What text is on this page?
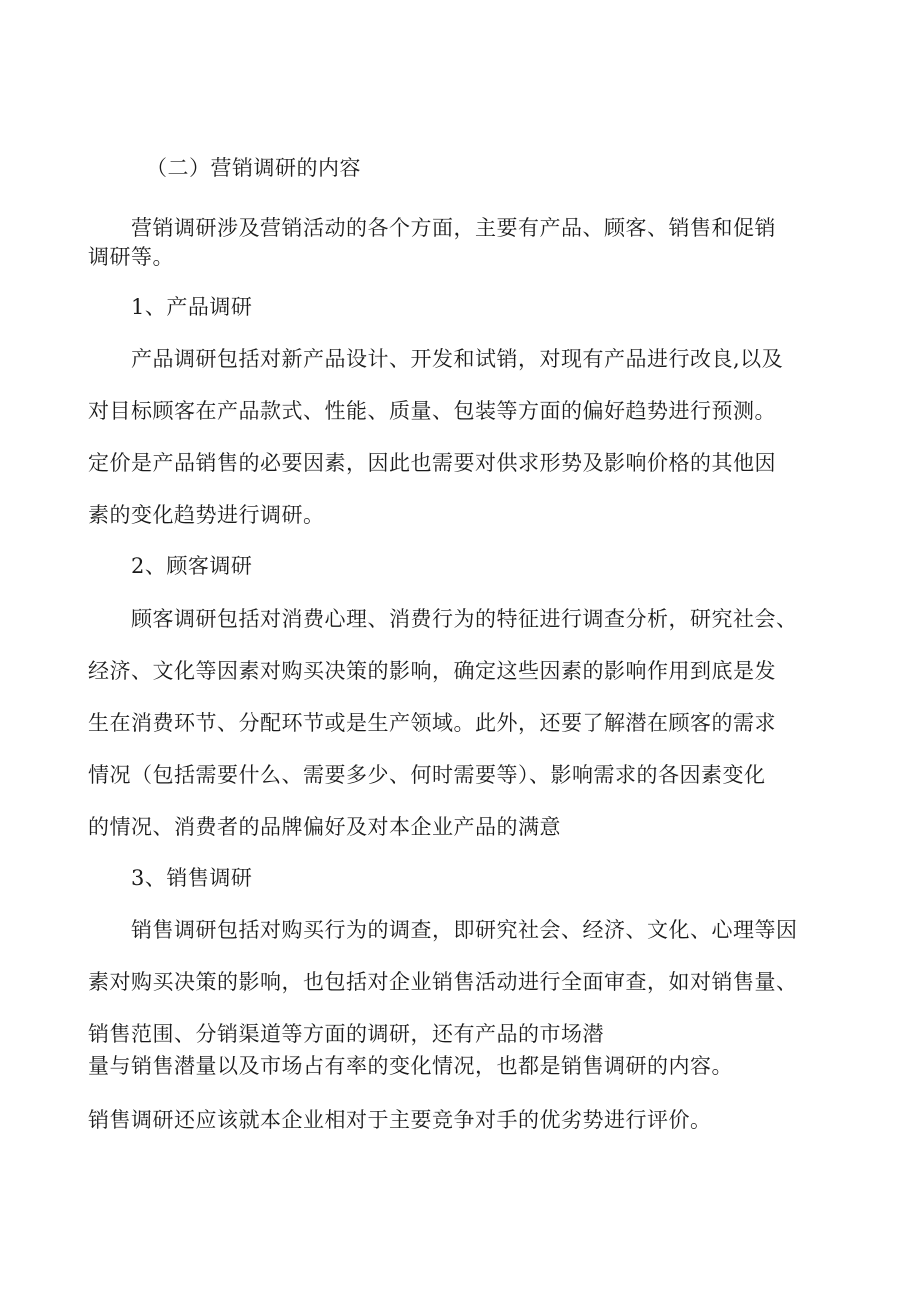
（二）营销调研的内容
营销调研涉及营销活动的各个方面，主要有产品、顾客、销售和促销
调研等。
1、产品调研
产品调研包括对新产品设计、开发和试销，对现有产品进行改良,以及
对目标顾客在产品款式、性能、质量、包装等方面的偏好趋势进行预测。
定价是产品销售的必要因素，因此也需要对供求形势及影响价格的其他因
素的变化趋势进行调研。
2、顾客调研
顾客调研包括对消费心理、消费行为的特征进行调查分析，研究社会、
经济、文化等因素对购买决策的影响，确定这些因素的影响作用到底是发
生在消费环节、分配环节或是生产领域。此外，还要了解潜在顾客的需求
情况（包括需要什么、需要多少、何时需要等）、影响需求的各因素变化
的情况、消费者的品牌偏好及对本企业产品的满意
3、销售调研
销售调研包括对购买行为的调查，即研究社会、经济、文化、心理等因
素对购买决策的影响，也包括对企业销售活动进行全面审查，如对销售量、
销售范围、分销渠道等方面的调研，还有产品的市场潜
量与销售潜量以及市场占有率的变化情况，也都是销售调研的内容。
销售调研还应该就本企业相对于主要竞争对手的优劣势进行评价。
